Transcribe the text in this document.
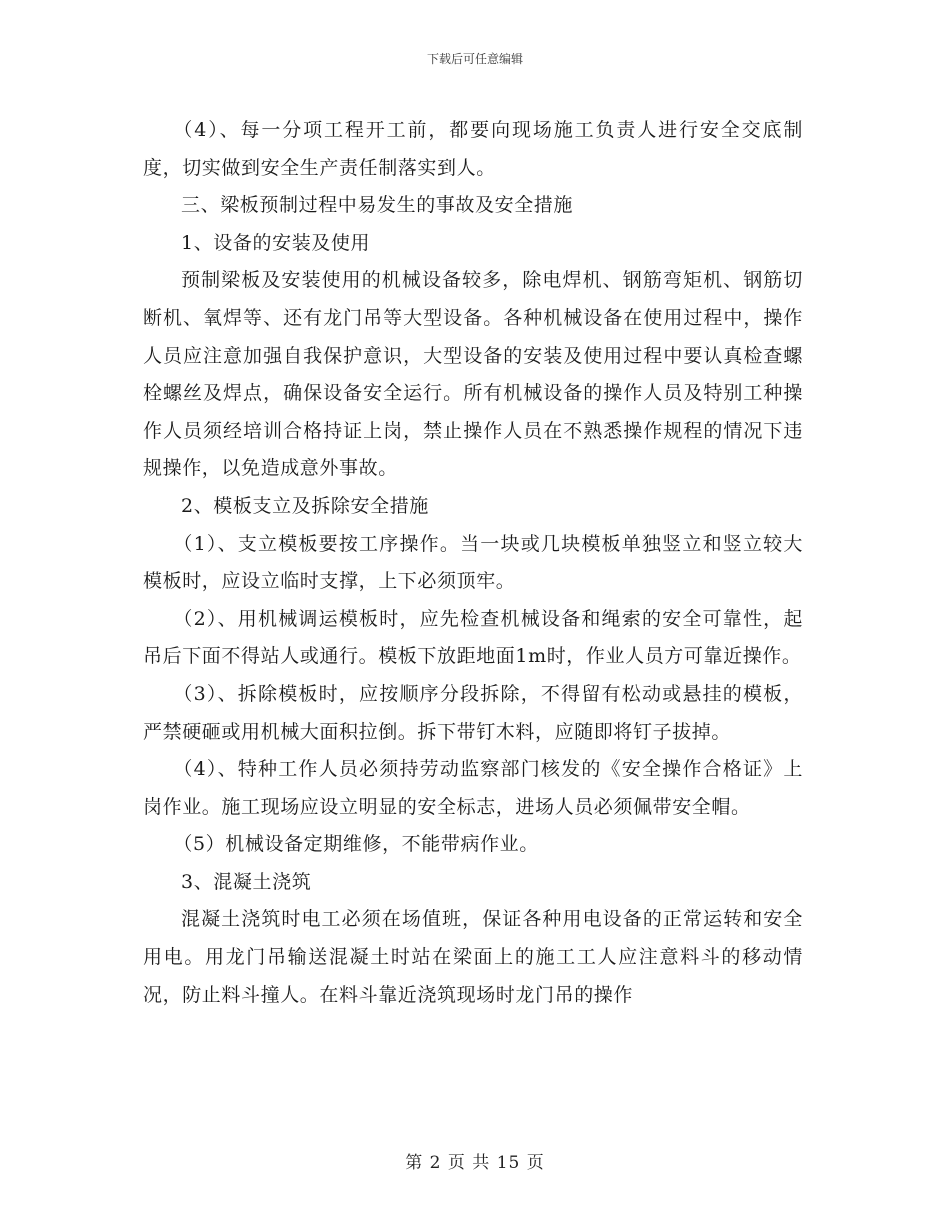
下载后可任意编辑

（4）、每一分项工程开工前，都要向现场施工负责人进行安全交底制度，切实做到安全生产责任制落实到人。

三、梁板预制过程中易发生的事故及安全措施

1、设备的安装及使用

预制梁板及安装使用的机械设备较多，除电焊机、钢筋弯矩机、钢筋切断机、氧焊等、还有龙门吊等大型设备。各种机械设备在使用过程中，操作人员应注意加强自我保护意识，大型设备的安装及使用过程中要认真检查螺栓螺丝及焊点，确保设备安全运行。所有机械设备的操作人员及特别工种操作人员须经培训合格持证上岗，禁止操作人员在不熟悉操作规程的情况下违规操作，以免造成意外事故。

2、模板支立及拆除安全措施

（1）、支立模板要按工序操作。当一块或几块模板单独竖立和竖立较大模板时，应设立临时支撑，上下必须顶牢。

（2）、用机械调运模板时，应先检查机械设备和绳索的安全可靠性，起吊后下面不得站人或通行。模板下放距地面1m时，作业人员方可靠近操作。

（3）、拆除模板时，应按顺序分段拆除，不得留有松动或悬挂的模板，严禁硬砸或用机械大面积拉倒。拆下带钉木料，应随即将钉子拔掉。

（4）、特种工作人员必须持劳动监察部门核发的《安全操作合格证》上岗作业。施工现场应设立明显的安全标志，进场人员必须佩带安全帽。

（5）机械设备定期维修，不能带病作业。

3、混凝土浇筑

混凝土浇筑时电工必须在场值班，保证各种用电设备的正常运转和安全用电。用龙门吊输送混凝土时站在梁面上的施工工人应注意料斗的移动情况，防止料斗撞人。在料斗靠近浇筑现场时龙门吊的操作

第 2 页 共 15 页
